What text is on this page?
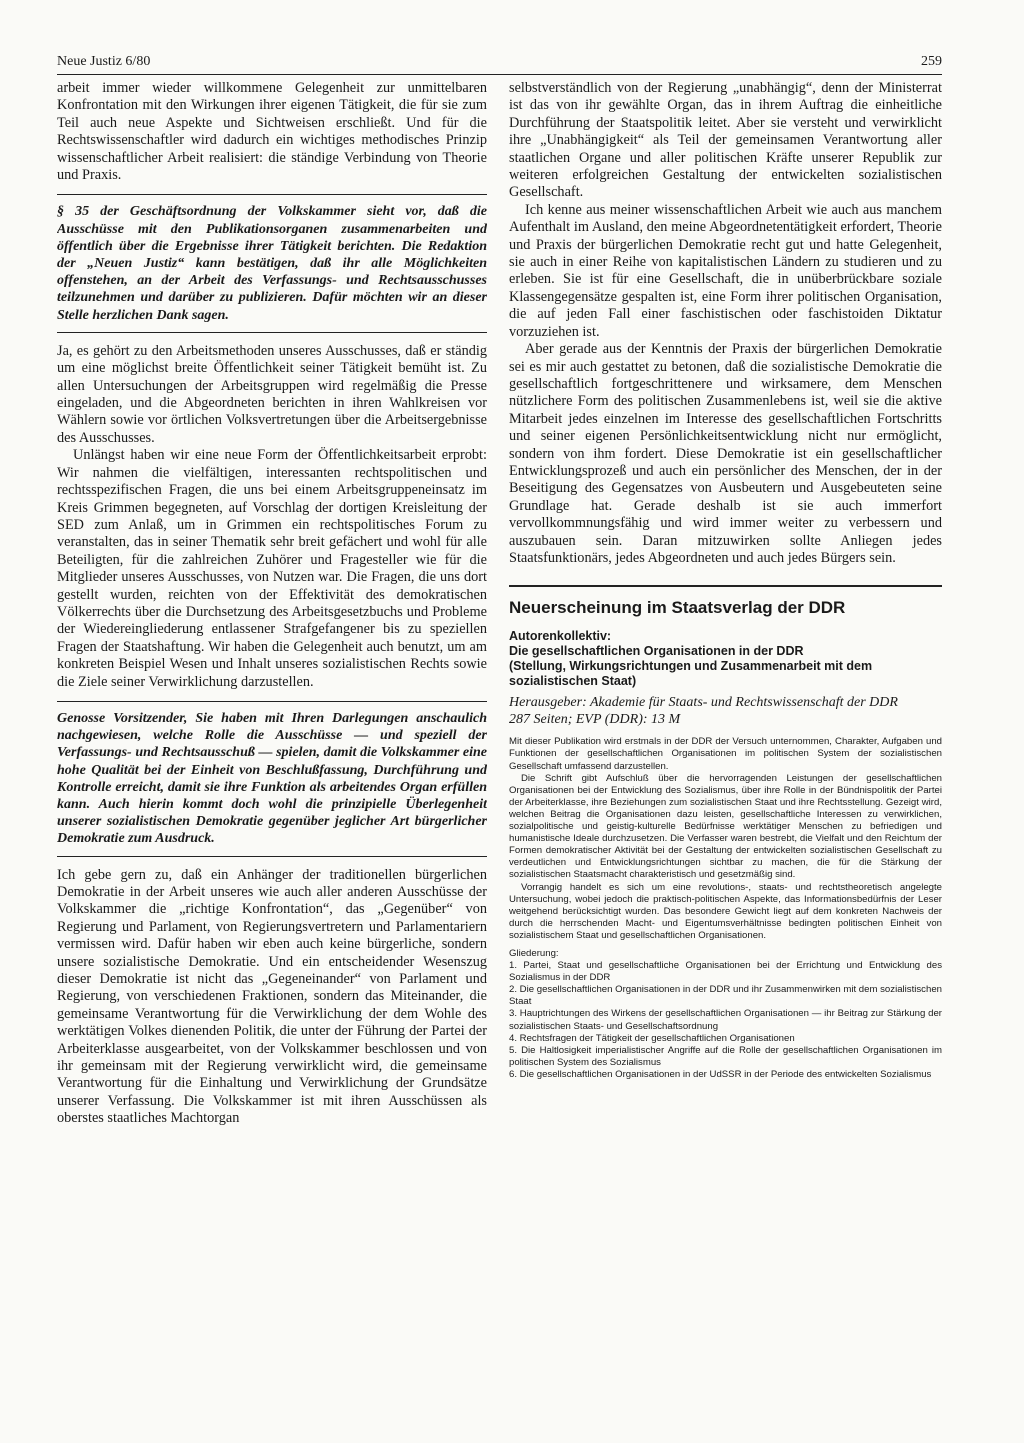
Neue Justiz 6/80	259

arbeit immer wieder willkommene Gelegenheit zur unmittelbaren Konfrontation mit den Wirkungen ihrer eigenen Tätigkeit, die für sie zum Teil auch neue Aspekte und Sichtweisen erschließt. Und für die Rechtswissenschaftler wird dadurch ein wichtiges methodisches Prinzip wissenschaftlicher Arbeit realisiert: die ständige Verbindung von Theorie und Praxis.

§ 35 der Geschäftsordnung der Volkskammer sieht vor, daß die Ausschüsse mit den Publikationsorganen zusammenarbeiten und öffentlich über die Ergebnisse ihrer Tätigkeit berichten. Die Redaktion der „Neuen Justiz“ kann bestätigen, daß ihr alle Möglichkeiten offenstehen, an der Arbeit des Verfassungs- und Rechtsausschusses teilzunehmen und darüber zu publizieren. Dafür möchten wir an dieser Stelle herzlichen Dank sagen.

Ja, es gehört zu den Arbeitsmethoden unseres Ausschusses, daß er ständig um eine möglichst breite Öffentlichkeit seiner Tätigkeit bemüht ist. Zu allen Untersuchungen der Arbeitsgruppen wird regelmäßig die Presse eingeladen, und die Abgeordneten berichten in ihren Wahlkreisen vor Wählern sowie vor örtlichen Volksvertretungen über die Arbeitsergebnisse des Ausschusses.

Unlängst haben wir eine neue Form der Öffentlichkeitsarbeit erprobt: Wir nahmen die vielfältigen, interessanten rechtspolitischen und rechtsspezifischen Fragen, die uns bei einem Arbeitsgruppeneinsatz im Kreis Grimmen begegneten, auf Vorschlag der dortigen Kreisleitung der SED zum Anlaß, um in Grimmen ein rechtspolitisches Forum zu veranstalten, das in seiner Thematik sehr breit gefächert und wohl für alle Beteiligten, für die zahlreichen Zuhörer und Fragesteller wie für die Mitglieder unseres Ausschusses, von Nutzen war. Die Fragen, die uns dort gestellt wurden, reichten von der Effektivität des demokratischen Völkerrechts über die Durchsetzung des Arbeitsgesetzbuchs und Probleme der Wiedereingliederung entlassener Strafgefangener bis zu speziellen Fragen der Staatshaftung. Wir haben die Gelegenheit auch benutzt, um am konkreten Beispiel Wesen und Inhalt unseres sozialistischen Rechts sowie die Ziele seiner Verwirklichung darzustellen.

Genosse Vorsitzender, Sie haben mit Ihren Darlegungen anschaulich nachgewiesen, welche Rolle die Ausschüsse — und speziell der Verfassungs- und Rechtsausschuß — spielen, damit die Volkskammer eine hohe Qualität bei der Einheit von Beschlußfassung, Durchführung und Kontrolle erreicht, damit sie ihre Funktion als arbeitendes Organ erfüllen kann. Auch hierin kommt doch wohl die prinzipielle Überlegenheit unserer sozialistischen Demokratie gegenüber jeglicher Art bürgerlicher Demokratie zum Ausdruck.

Ich gebe gern zu, daß ein Anhänger der traditionellen bürgerlichen Demokratie in der Arbeit unseres wie auch aller anderen Ausschüsse der Volkskammer die „richtige Konfrontation“, das „Gegenüber“ von Regierung und Parlament, von Regierungsvertretern und Parlamentariern vermissen wird. Dafür haben wir eben auch keine bürgerliche, sondern unsere sozialistische Demokratie. Und ein entscheidender Wesenszug dieser Demokratie ist nicht das „Gegeneinander“ von Parlament und Regierung, von verschiedenen Fraktionen, sondern das Miteinander, die gemeinsame Verantwortung für die Verwirklichung der dem Wohle des werktätigen Volkes dienenden Politik, die unter der Führung der Partei der Arbeiterklasse ausgearbeitet, von der Volkskammer beschlossen und von ihr gemeinsam mit der Regierung verwirklicht wird, die gemeinsame Verantwortung für die Einhaltung und Verwirklichung der Grundsätze unserer Verfassung. Die Volkskammer ist mit ihren Ausschüssen als oberstes staatliches Machtorgan

selbstverständlich von der Regierung „unabhängig“, denn der Ministerrat ist das von ihr gewählte Organ, das in ihrem Auftrag die einheitliche Durchführung der Staatspolitik leitet. Aber sie versteht und verwirklicht ihre „Unabhängigkeit“ als Teil der gemeinsamen Verantwortung aller staatlichen Organe und aller politischen Kräfte unserer Republik zur weiteren erfolgreichen Gestaltung der entwickelten sozialistischen Gesellschaft.

Ich kenne aus meiner wissenschaftlichen Arbeit wie auch aus manchem Aufenthalt im Ausland, den meine Abgeordnetentätigkeit erfordert, Theorie und Praxis der bürgerlichen Demokratie recht gut und hatte Gelegenheit, sie auch in einer Reihe von kapitalistischen Ländern zu studieren und zu erleben. Sie ist für eine Gesellschaft, die in unüberbrückbare soziale Klassengegensätze gespalten ist, eine Form ihrer politischen Organisation, die auf jeden Fall einer faschistischen oder faschistoiden Diktatur vorzuziehen ist.

Aber gerade aus der Kenntnis der Praxis der bürgerlichen Demokratie sei es mir auch gestattet zu betonen, daß die sozialistische Demokratie die gesellschaftlich fortgeschrittenere und wirksamere, dem Menschen nützlichere Form des politischen Zusammenlebens ist, weil sie die aktive Mitarbeit jedes einzelnen im Interesse des gesellschaftlichen Fortschritts und seiner eigenen Persönlichkeitsentwicklung nicht nur ermöglicht, sondern von ihm fordert. Diese Demokratie ist ein gesellschaftlicher Entwicklungsprozeß und auch ein persönlicher des Menschen, der in der Beseitigung des Gegensatzes von Ausbeutern und Ausgebeuteten seine Grundlage hat. Gerade deshalb ist sie auch immerfort vervollkommnungsfähig und wird immer weiter zu verbessern und auszubauen sein. Daran mitzuwirken sollte Anliegen jedes Staatsfunktionärs, jedes Abgeordneten und auch jedes Bürgers sein.

Neuerscheinung im Staatsverlag der DDR
Autorenkollektiv:
Die gesellschaftlichen Organisationen in der DDR
(Stellung, Wirkungsrichtungen und Zusammenarbeit mit dem sozialistischen Staat)
Herausgeber: Akademie für Staats- und Rechtswissenschaft der DDR
287 Seiten; EVP (DDR): 13 M

Mit dieser Publikation wird erstmals in der DDR der Versuch unternommen, Charakter, Aufgaben und Funktionen der gesellschaftlichen Organisationen im politischen System der sozialistischen Gesellschaft umfassend darzustellen.

Die Schrift gibt Aufschluß über die hervorragenden Leistungen der gesellschaftlichen Organisationen bei der Entwicklung des Sozialismus, über ihre Rolle in der Bündnispolitik der Partei der Arbeiterklasse, ihre Beziehungen zum sozialistischen Staat und ihre Rechtsstellung. Gezeigt wird, welchen Beitrag die Organisationen dazu leisten, gesellschaftliche Interessen zu verwirklichen, sozialpolitische und geistig-kulturelle Bedürfnisse werktätiger Menschen zu befriedigen und humanistische Ideale durchzusetzen. Die Verfasser waren bestrebt, die Vielfalt und den Reichtum der Formen demokratischer Aktivität bei der Gestaltung der entwickelten sozialistischen Gesellschaft zu verdeutlichen und Entwicklungsrichtungen sichtbar zu machen, die für die Stärkung der sozialistischen Staatsmacht charakteristisch und gesetzmäßig sind.

Vorrangig handelt es sich um eine revolutions-, staats- und rechtstheoretisch angelegte Untersuchung, wobei jedoch die praktisch-politischen Aspekte, das Informationsbedürfnis der Leser weitgehend berücksichtigt wurden. Das besondere Gewicht liegt auf dem konkreten Nachweis der durch die herrschenden Macht- und Eigentumsverhältnisse bedingten politischen Einheit von sozialistischem Staat und gesellschaftlichen Organisationen.

Gliederung:

1. Partei, Staat und gesellschaftliche Organisationen bei der Errichtung und Entwicklung des Sozialismus in der DDR
2. Die gesellschaftlichen Organisationen in der DDR und ihr Zusammenwirken mit dem sozialistischen Staat
3. Hauptrichtungen des Wirkens der gesellschaftlichen Organisationen — ihr Beitrag zur Stärkung der sozialistischen Staats- und Gesellschaftsordnung
4. Rechtsfragen der Tätigkeit der gesellschaftlichen Organisationen
5. Die Haltlosigkeit imperialistischer Angriffe auf die Rolle der gesellschaftlichen Organisationen im politischen System des Sozialismus
6. Die gesellschaftlichen Organisationen in der UdSSR in der Periode des entwickelten Sozialismus
